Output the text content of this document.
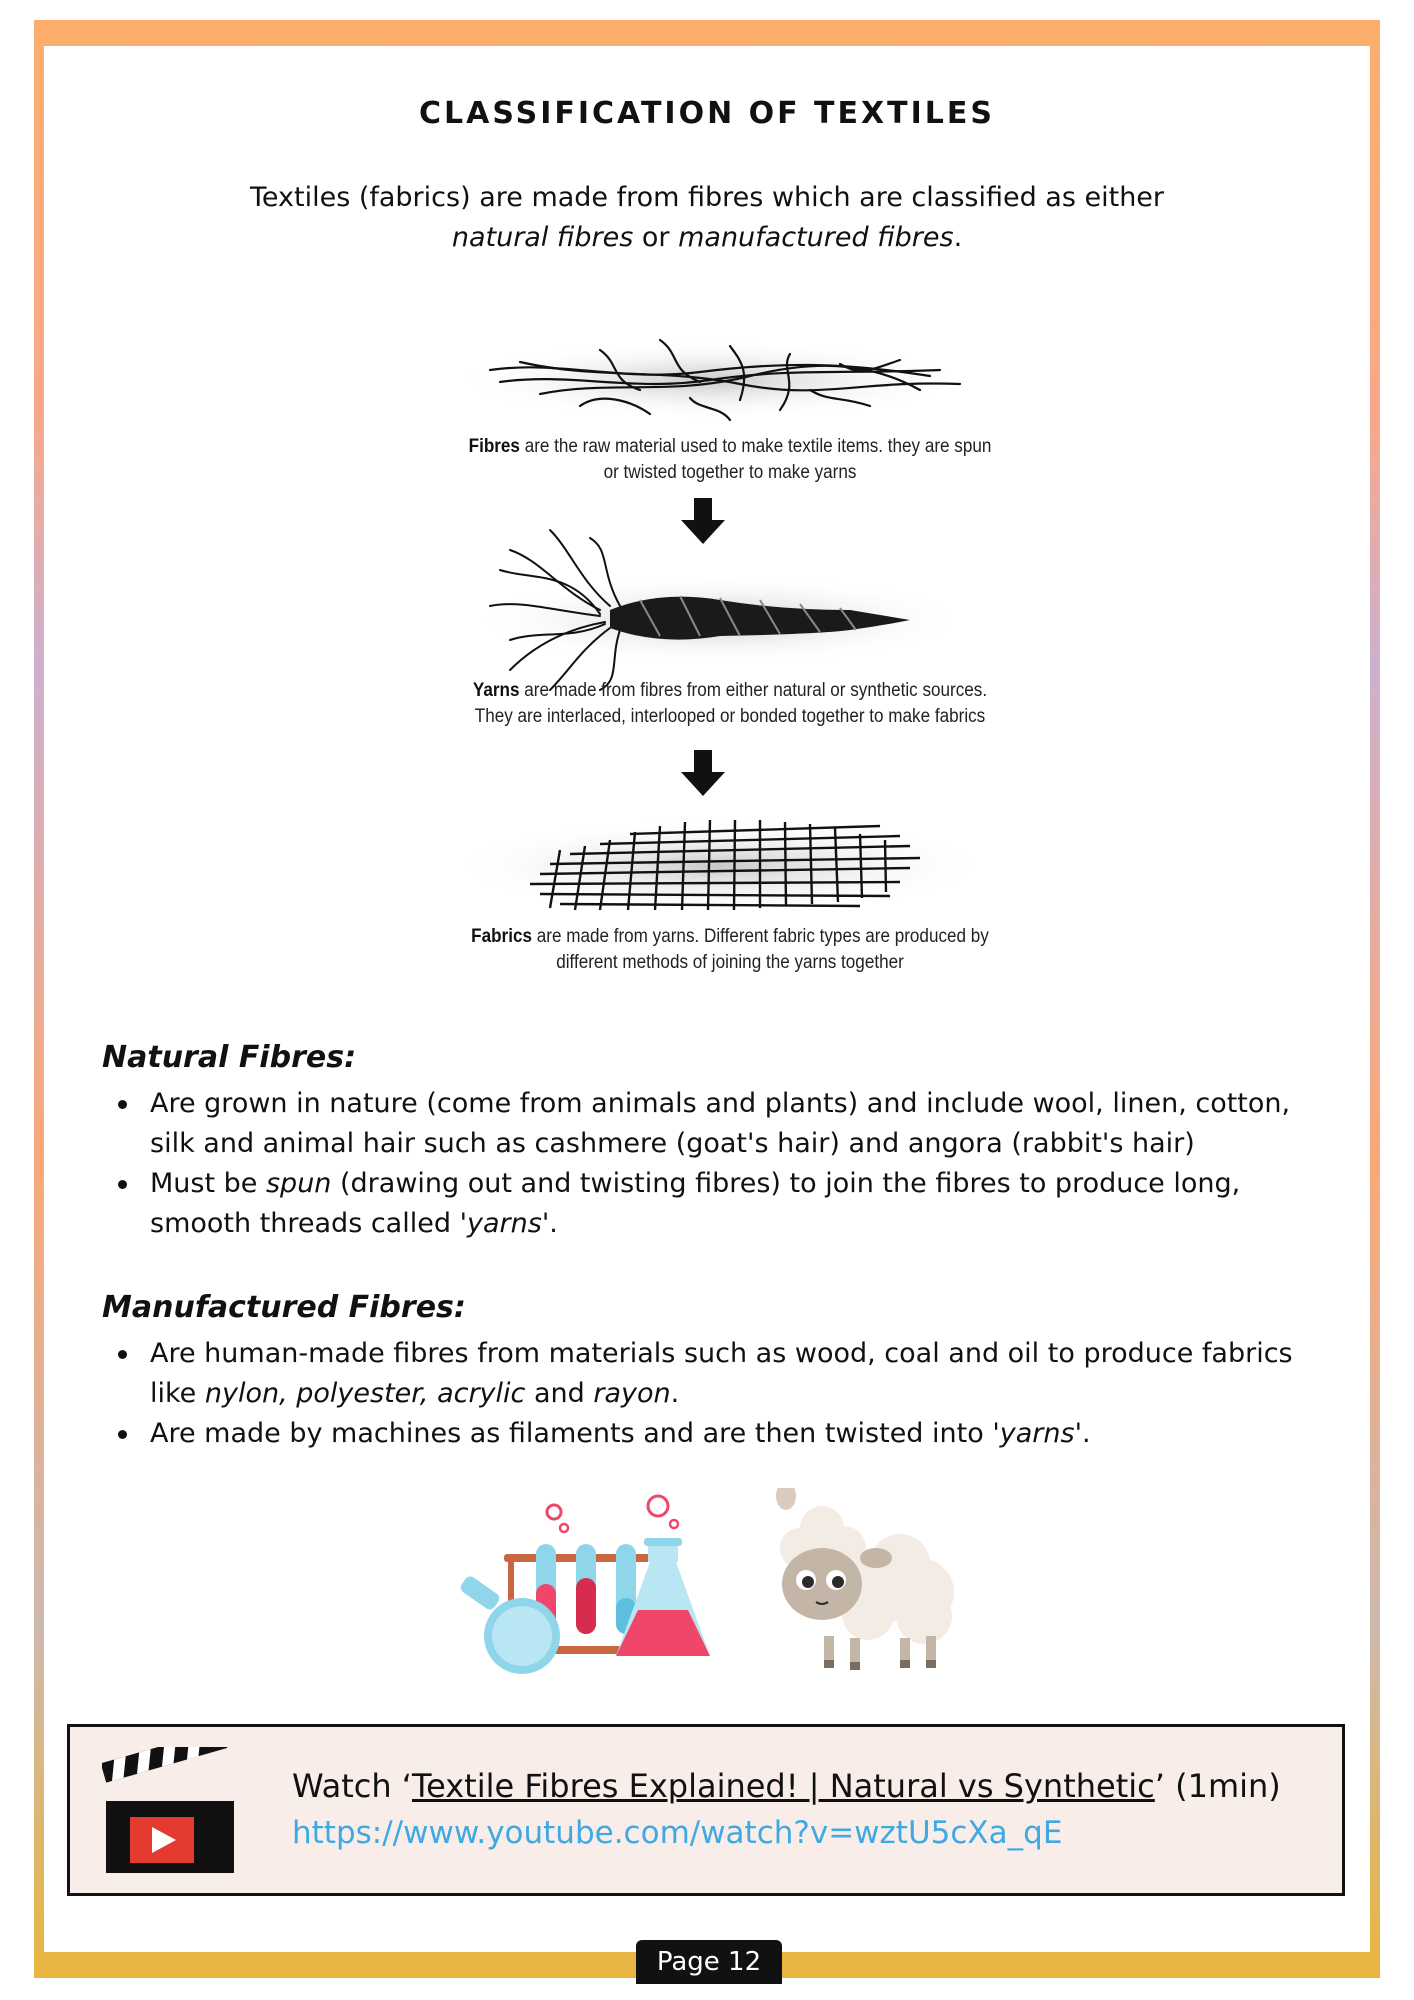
CLASSIFICATION OF TEXTILES

Textiles (fabrics) are made from fibres which are classified as either
natural fibres or manufactured fibres.

Fibres are the raw material used to make textile items. they are spun
or twisted together to make yarns
Yarns are made from fibres from either natural or synthetic sources.
They are interlaced, interlooped or bonded together to make fabrics
Fabrics are made from yarns. Different fabric types are produced by
different methods of joining the yarns together
Natural Fibres:
Are grown in nature (come from animals and plants) and include wool, linen, cotton, silk and animal hair such as cashmere (goat's hair) and angora (rabbit's hair)
Must be spun (drawing out and twisting fibres) to join the fibres to produce long, smooth threads called 'yarns'.
Manufactured Fibres:
Are human-made fibres from materials such as wood, coal and oil to produce fabrics like nylon, polyester, acrylic and rayon.
Are made by machines as filaments and are then twisted into 'yarns'.
Watch ‘Textile Fibres Explained! | Natural vs Synthetic’ (1min)
https://www.youtube.com/watch?v=wztU5cXa_qE
Page 12
